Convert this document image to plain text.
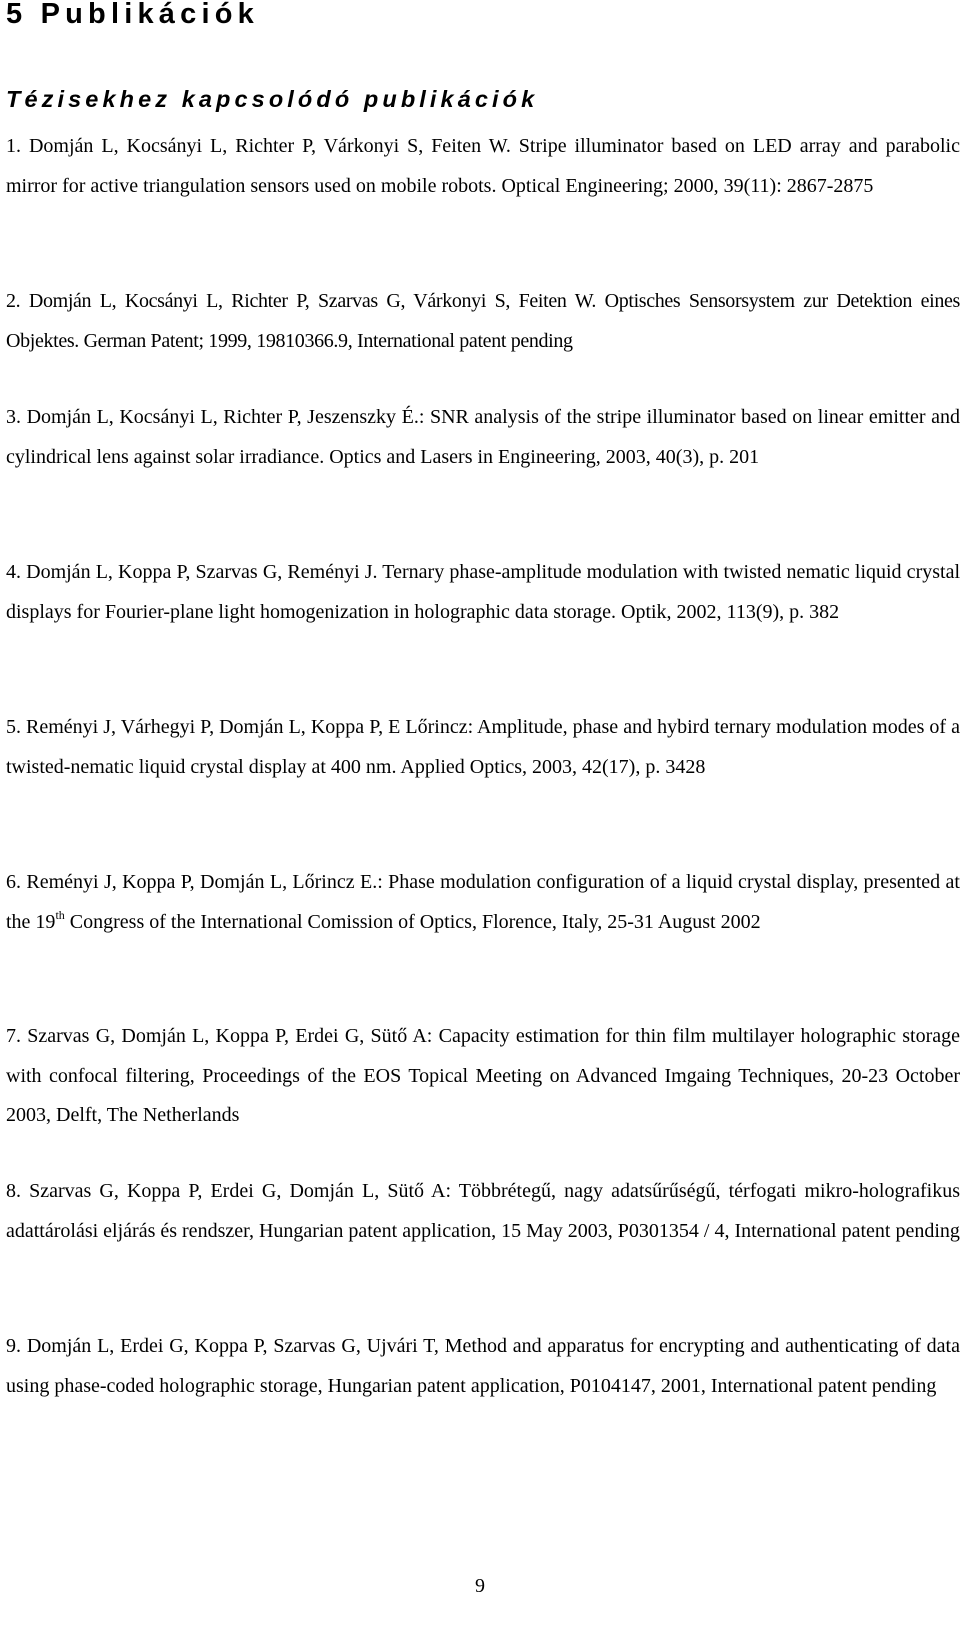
5 Publikációk
Tézisekhez kapcsolódó publikációk
1. Domján L, Kocsányi L, Richter P, Várkonyi S, Feiten W. Stripe illuminator based on LED array and parabolic mirror for active triangulation sensors used on mobile robots. Optical Engineering; 2000, 39(11): 2867-2875
2. Domján L, Kocsányi L, Richter P, Szarvas G, Várkonyi S, Feiten W. Optisches Sensorsystem zur Detektion eines Objektes. German Patent; 1999, 19810366.9, International patent pending
3. Domján L, Kocsányi L, Richter P, Jeszenszky É.: SNR analysis of the stripe illuminator based on linear emitter and cylindrical lens against solar irradiance. Optics and Lasers in Engineering, 2003, 40(3), p. 201
4. Domján L, Koppa P, Szarvas G, Reményi J. Ternary phase-amplitude modulation with twisted nematic liquid crystal displays for Fourier-plane light homogenization in holographic data storage. Optik, 2002, 113(9), p. 382
5. Reményi J, Várhegyi P, Domján L, Koppa P, E Lőrincz: Amplitude, phase and hybird ternary modulation modes of a twisted-nematic liquid crystal display at 400 nm. Applied Optics, 2003, 42(17), p. 3428
6. Reményi J, Koppa P, Domján L, Lőrincz E.: Phase modulation configuration of a liquid crystal display, presented at the 19th Congress of the International Comission of Optics, Florence, Italy, 25-31 August 2002
7. Szarvas G, Domján L, Koppa P, Erdei G, Sütő A: Capacity estimation for thin film multilayer holographic storage with confocal filtering, Proceedings of the EOS Topical Meeting on Advanced Imgaing Techniques, 20-23 October 2003, Delft, The Netherlands
8. Szarvas G, Koppa P, Erdei G, Domján L, Sütő A: Többrétegű, nagy adatsűrűségű, térfogati mikro-holografikus adattárolási eljárás és rendszer, Hungarian patent application, 15 May 2003, P0301354 / 4, International patent pending
9. Domján L, Erdei G, Koppa P, Szarvas G, Ujvári T, Method and apparatus for encrypting and authenticating of data using phase-coded holographic storage, Hungarian patent application, P0104147, 2001, International patent pending
9
